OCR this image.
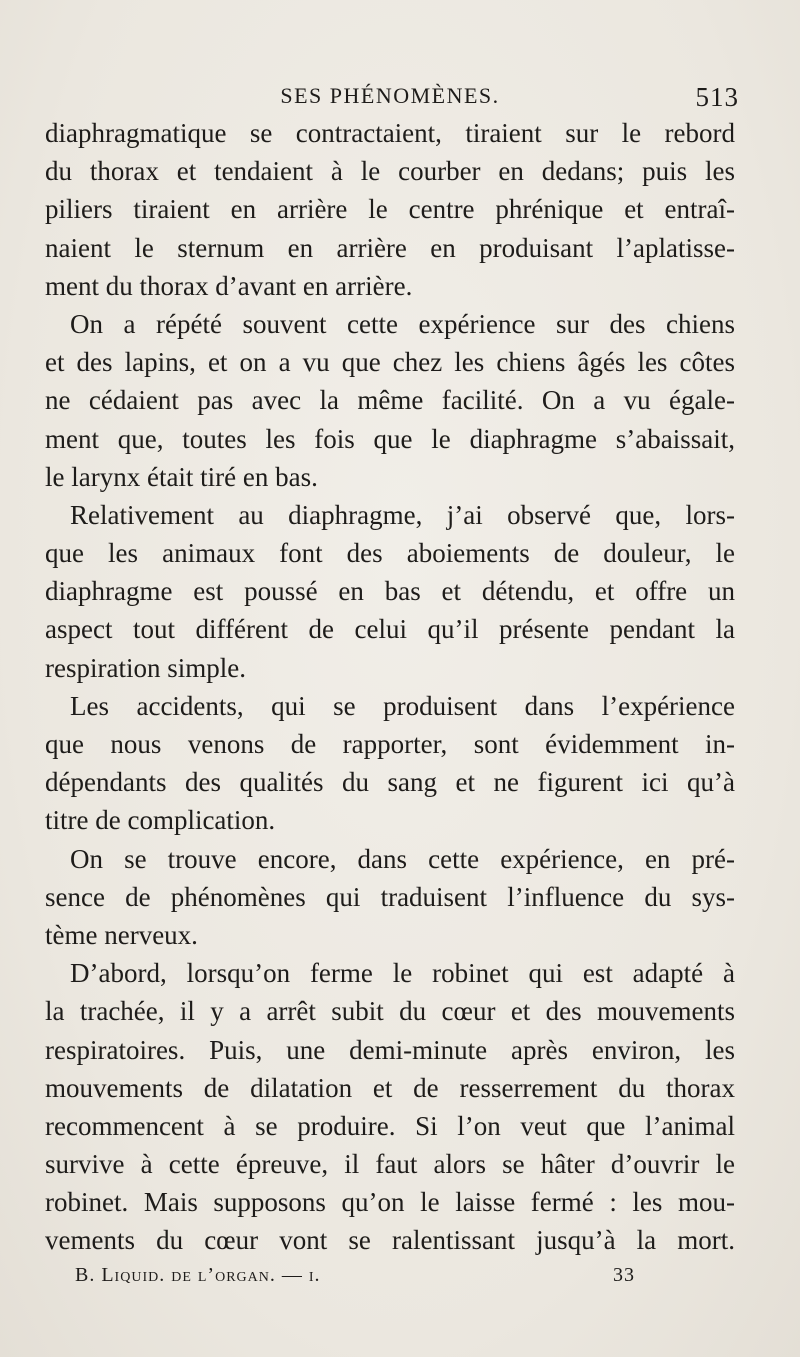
SES PHÉNOMÈNES.	513
diaphragmatique se contractaient, tiraient sur le rebord
du thorax et tendaient à le courber en dedans; puis les
piliers tiraient en arrière le centre phrénique et entraî-
naient le sternum en arrière en produisant l’aplatisse-
ment du thorax d’avant en arrière.
On a répété souvent cette expérience sur des chiens
et des lapins, et on a vu que chez les chiens âgés les côtes
ne cédaient pas avec la même facilité. On a vu égale-
ment que, toutes les fois que le diaphragme s’abaissait,
le larynx était tiré en bas.
Relativement au diaphragme, j’ai observé que, lors-
que les animaux font des aboiements de douleur, le
diaphragme est poussé en bas et détendu, et offre un
aspect tout différent de celui qu’il présente pendant la
respiration simple.
Les accidents, qui se produisent dans l’expérience
que nous venons de rapporter, sont évidemment in-
dépendants des qualités du sang et ne figurent ici qu’à
titre de complication.
On se trouve encore, dans cette expérience, en pré-
sence de phénomènes qui traduisent l’influence du sys-
tème nerveux.
D’abord, lorsqu’on ferme le robinet qui est adapté à
la trachée, il y a arrêt subit du cœur et des mouvements
respiratoires. Puis, une demi-minute après environ, les
mouvements de dilatation et de resserrement du thorax
recommencent à se produire. Si l’on veut que l’animal
survive à cette épreuve, il faut alors se hâter d’ouvrir le
robinet. Mais supposons qu’on le laisse fermé : les mou-
vements du cœur vont se ralentissant jusqu’à la mort.
B. Liquid. de l’organ. — i.	33
